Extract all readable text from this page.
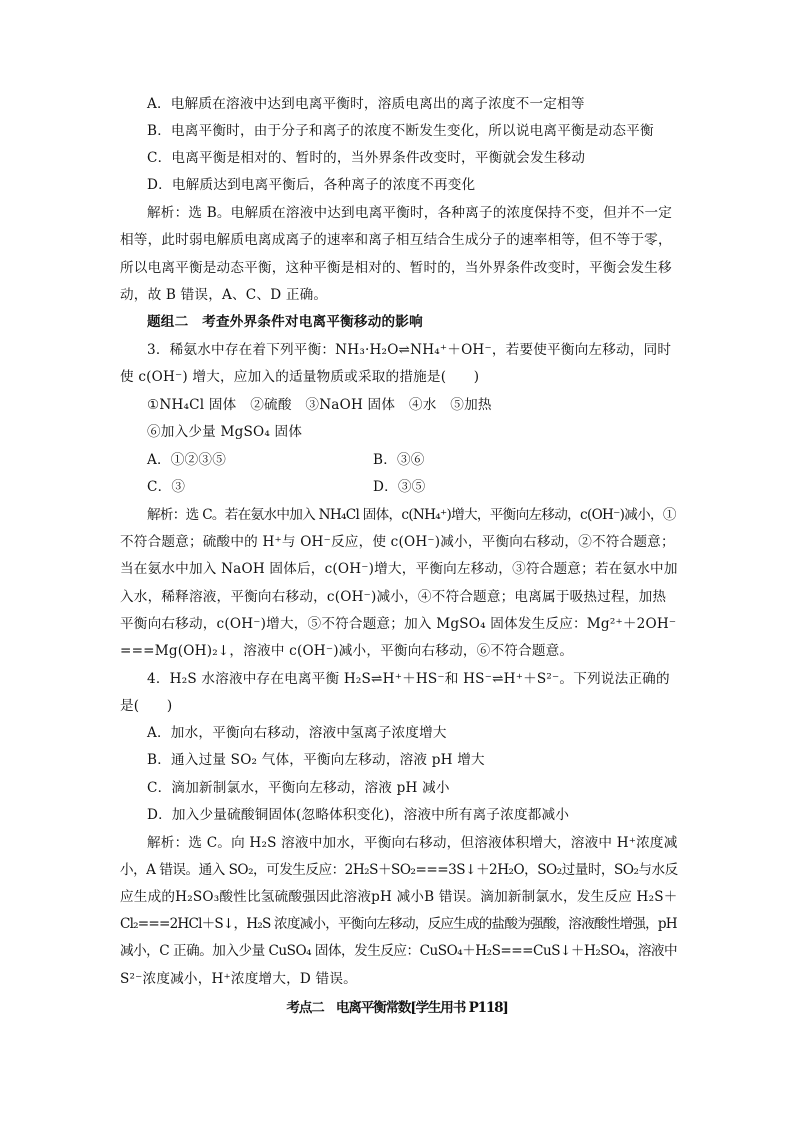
A．电解质在溶液中达到电离平衡时，溶质电离出的离子浓度不一定相等
B．电离平衡时，由于分子和离子的浓度不断发生变化，所以说电离平衡是动态平衡
C．电离平衡是相对的、暂时的，当外界条件改变时，平衡就会发生移动
D．电解质达到电离平衡后，各种离子的浓度不再变化
解析：选 B。电解质在溶液中达到电离平衡时，各种离子的浓度保持不变，但并不一定
相等，此时弱电解质电离成离子的速率和离子相互结合生成分子的速率相等，但不等于零，
所以电离平衡是动态平衡，这种平衡是相对的、暂时的，当外界条件改变时，平衡会发生移
动，故 B 错误，A、C、D 正确。
题组二　考查外界条件对电离平衡移动的影响
3．稀氨水中存在着下列平衡：NH₃·H₂O⇌NH₄⁺＋OH⁻，若要使平衡向左移动，同时
使 c(OH⁻) 增大，应加入的适量物质或采取的措施是(　　)
①NH₄Cl 固体　②硫酸　③NaOH 固体　④水　⑤加热
⑥加入少量 MgSO₄ 固体
A．①②③⑤	B．③⑥
C．③	D．③⑤
解析：选 C。若在氨水中加入 NH₄Cl 固体，c(NH₄⁺)增大，平衡向左移动，c(OH⁻)减小，①
不符合题意；硫酸中的 H⁺与 OH⁻反应，使 c(OH⁻)减小，平衡向右移动，②不符合题意；
当在氨水中加入 NaOH 固体后，c(OH⁻)增大，平衡向左移动，③符合题意；若在氨水中加
入水，稀释溶液，平衡向右移动，c(OH⁻)减小，④不符合题意；电离属于吸热过程，加热
平衡向右移动，c(OH⁻)增大，⑤不符合题意；加入 MgSO₄ 固体发生反应：Mg²⁺＋2OH⁻
===Mg(OH)₂↓，溶液中 c(OH⁻)减小，平衡向右移动，⑥不符合题意。
4．H₂S 水溶液中存在电离平衡 H₂S⇌H⁺＋HS⁻和 HS⁻⇌H⁺＋S²⁻。下列说法正确的
是(　　)
A．加水，平衡向右移动，溶液中氢离子浓度增大
B．通入过量 SO₂ 气体，平衡向左移动，溶液 pH 增大
C．滴加新制氯水，平衡向左移动，溶液 pH 减小
D．加入少量硫酸铜固体(忽略体积变化)，溶液中所有离子浓度都减小
解析：选 C。向 H₂S 溶液中加水，平衡向右移动，但溶液体积增大，溶液中 H⁺浓度减
小，A 错误。通入 SO₂，可发生反应：2H₂S＋SO₂===3S↓＋2H₂O，SO₂过量时，SO₂与水反
应生成的H₂SO₃酸性比氢硫酸强因此溶液pH 减小B 错误。滴加新制氯水，发生反应 H₂S＋
Cl₂===2HCl＋S↓，H₂S 浓度减小，平衡向左移动，反应生成的盐酸为强酸，溶液酸性增强，pH
减小，C 正确。加入少量 CuSO₄ 固体，发生反应：CuSO₄＋H₂S===CuS↓＋H₂SO₄，溶液中
S²⁻浓度减小，H⁺浓度增大，D 错误。
考点二　电离平衡常数[学生用书 P118]
